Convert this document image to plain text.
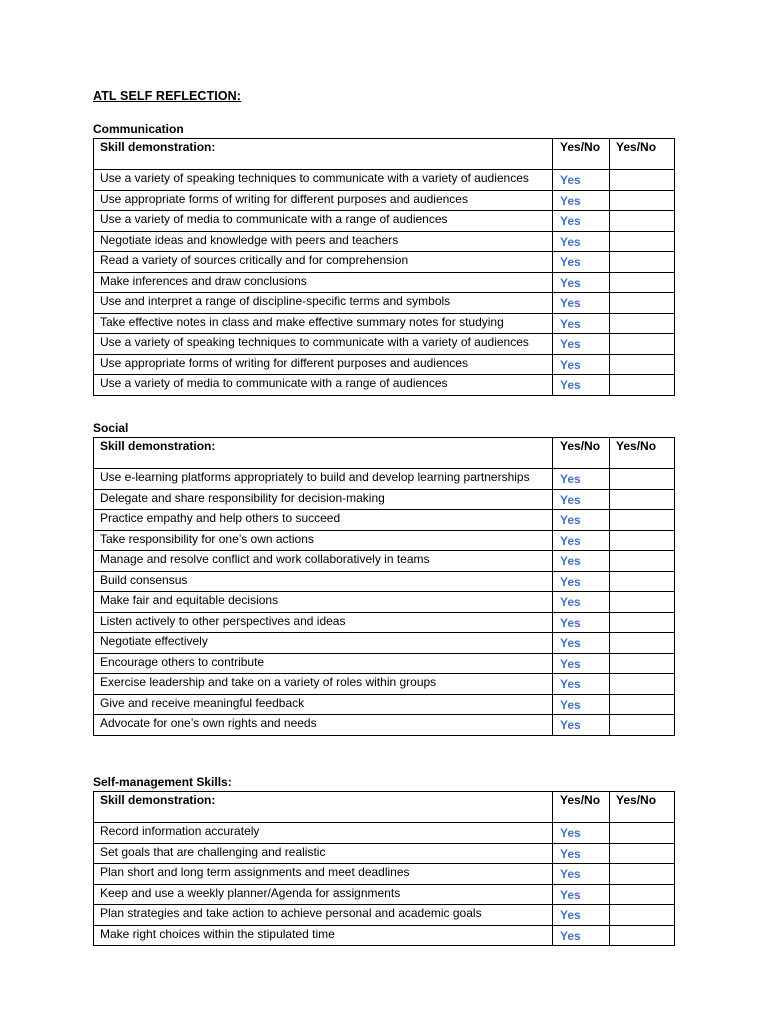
ATL SELF REFLECTION:
Communication
Skill demonstration:	Yes/No	Yes/No
Use a variety of speaking techniques to communicate with a variety of audiences	Yes	
Use appropriate forms of writing for different purposes and audiences	Yes	
Use a variety of media to communicate with a range of audiences	Yes	
Negotiate ideas and knowledge with peers and teachers	Yes	
Read a variety of sources critically and for comprehension	Yes	
Make inferences and draw conclusions	Yes	
Use and interpret a range of discipline-specific terms and symbols	Yes	
Take effective notes in class and make effective summary notes for studying	Yes	
Use a variety of speaking techniques to communicate with a variety of audiences	Yes	
Use appropriate forms of writing for different purposes and audiences	Yes	
Use a variety of media to communicate with a range of audiences	Yes	
Social
Skill demonstration:	Yes/No	Yes/No
Use e-learning platforms appropriately to build and develop learning partnerships	Yes	
Delegate and share responsibility for decision-making	Yes	
Practice empathy and help others to succeed	Yes	
Take responsibility for one’s own actions	Yes	
Manage and resolve conflict and work collaboratively in teams	Yes	
Build consensus	Yes	
Make fair and equitable decisions	Yes	
Listen actively to other perspectives and ideas	Yes	
Negotiate effectively	Yes	
Encourage others to contribute	Yes	
Exercise leadership and take on a variety of roles within groups	Yes	
Give and receive meaningful feedback	Yes	
Advocate for one’s own rights and needs	Yes	
Self-management Skills:
Skill demonstration:	Yes/No	Yes/No
Record information accurately	Yes	
Set goals that are challenging and realistic	Yes	
Plan short and long term assignments and meet deadlines	Yes	
Keep and use a weekly planner/Agenda for assignments	Yes	
Plan strategies and take action to achieve personal and academic goals	Yes	
Make right choices within the stipulated time	Yes	
